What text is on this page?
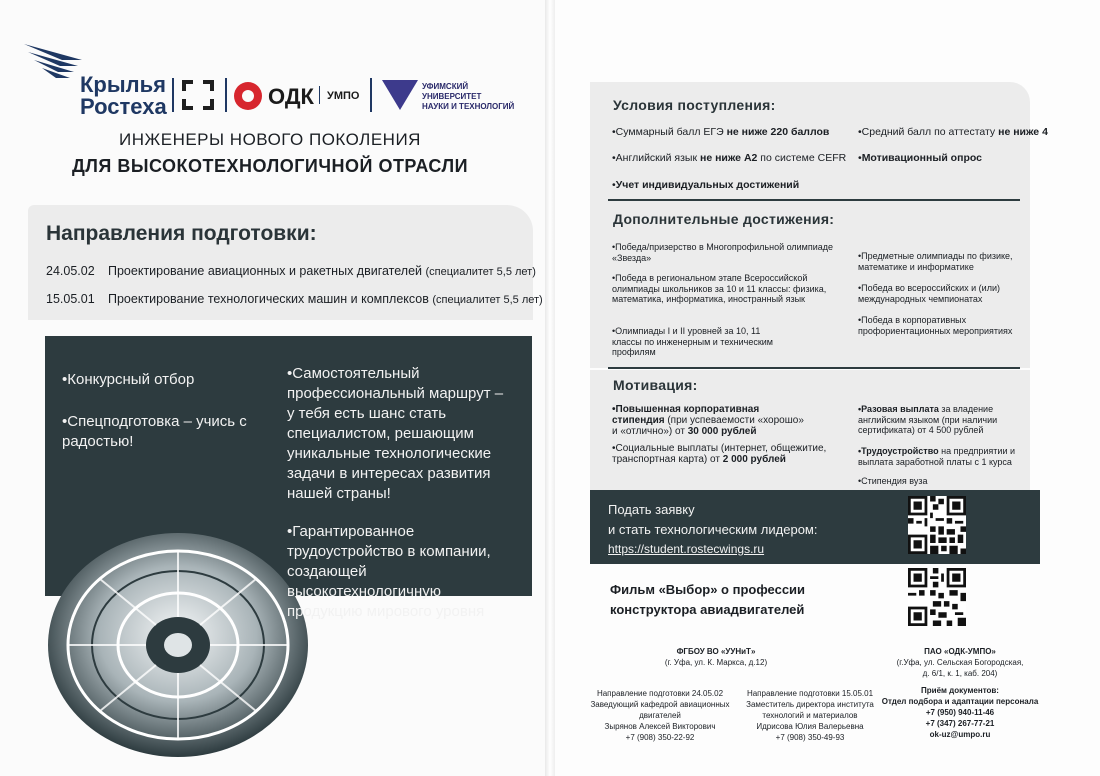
Крылья
Ростеха	ОДК УМПО
УФИМСКИЙ
УНИВЕРСИТЕТ
НАУКИ И ТЕХНОЛОГИЙ
ИНЖЕНЕРЫ НОВОГО ПОКОЛЕНИЯ
ДЛЯ ВЫСОКОТЕХНОЛОГИЧНОЙ ОТРАСЛИ
Направления подготовки:
24.05.02 Проектирование авиационных и ракетных двигателей (специалитет 5,5 лет)
15.05.01 Проектирование технологических машин и комплексов (специалитет 5,5 лет)

•Конкурсный отбор

•Спецподготовка – учись с радостью!

•Самостоятельный профессиональный маршрут – у тебя есть шанс стать специалистом, решающим уникальные технологические задачи в интересах развития нашей страны!

•Гарантированное трудоустройство в компании, создающей высокотехнологичную продукцию мирового уровня

Условия поступления:
•Суммарный балл ЕГЭ не ниже 220 баллов	•Средний балл по аттестату не ниже 4
•Английский язык не ниже А2 по системе CEFR •Мотивационный опрос
•Учет индивидуальных достижений
Дополнительные достижения:
•Победа/призерство в Многопрофильной олимпиаде «Звезда»
•Победа в региональном этапе Всероссийской олимпиады школьников за 10 и 11 классы: физика, математика, информатика, иностранный язык
•Олимпиады I и II уровней за 10, 11 классы по инженерным и техническим профилям
•Предметные олимпиады по физике, математике и информатике
•Победа во всероссийских и (или) международных чемпионатах
•Победа в корпоративных профориентационных мероприятиях
Мотивация:
•Повышенная корпоративная стипендия (при успеваемости «хорошо» и «отлично») от 30 000 рублей
•Социальные выплаты (интернет, общежитие, транспортная карта) от 2 000 рублей
•Разовая выплата за владение английским языком (при наличии сертификата) от 4 500 рублей
•Трудоустройство на предприятии и выплата заработной платы с 1 курса
•Стипендия вуза
Подать заявку
и стать технологическим лидером:
https://student.rostecwings.ru
Фильм «Выбор» о профессии
конструктора авиадвигателей
ФГБОУ ВО «УУНиТ»
(г. Уфа, ул. К. Маркса, д.12)
Направление подготовки 24.05.02
Заведующий кафедрой авиационных
двигателей
Зырянов Алексей Викторович
+7 (908) 350-22-92
Направление подготовки 15.05.01
Заместитель директора института
технологий и материалов
Идрисова Юлия Валерьевна
+7 (908) 350-49-93
ПАО «ОДК-УМПО»
(г.Уфа, ул. Сельская Богородская,
д. 6/1, к. 1, каб. 204)
Приём документов:
Отдел подбора и адаптации персонала
+7 (950) 940-11-46
+7 (347) 267-77-21
ok-uz@umpo.ru
